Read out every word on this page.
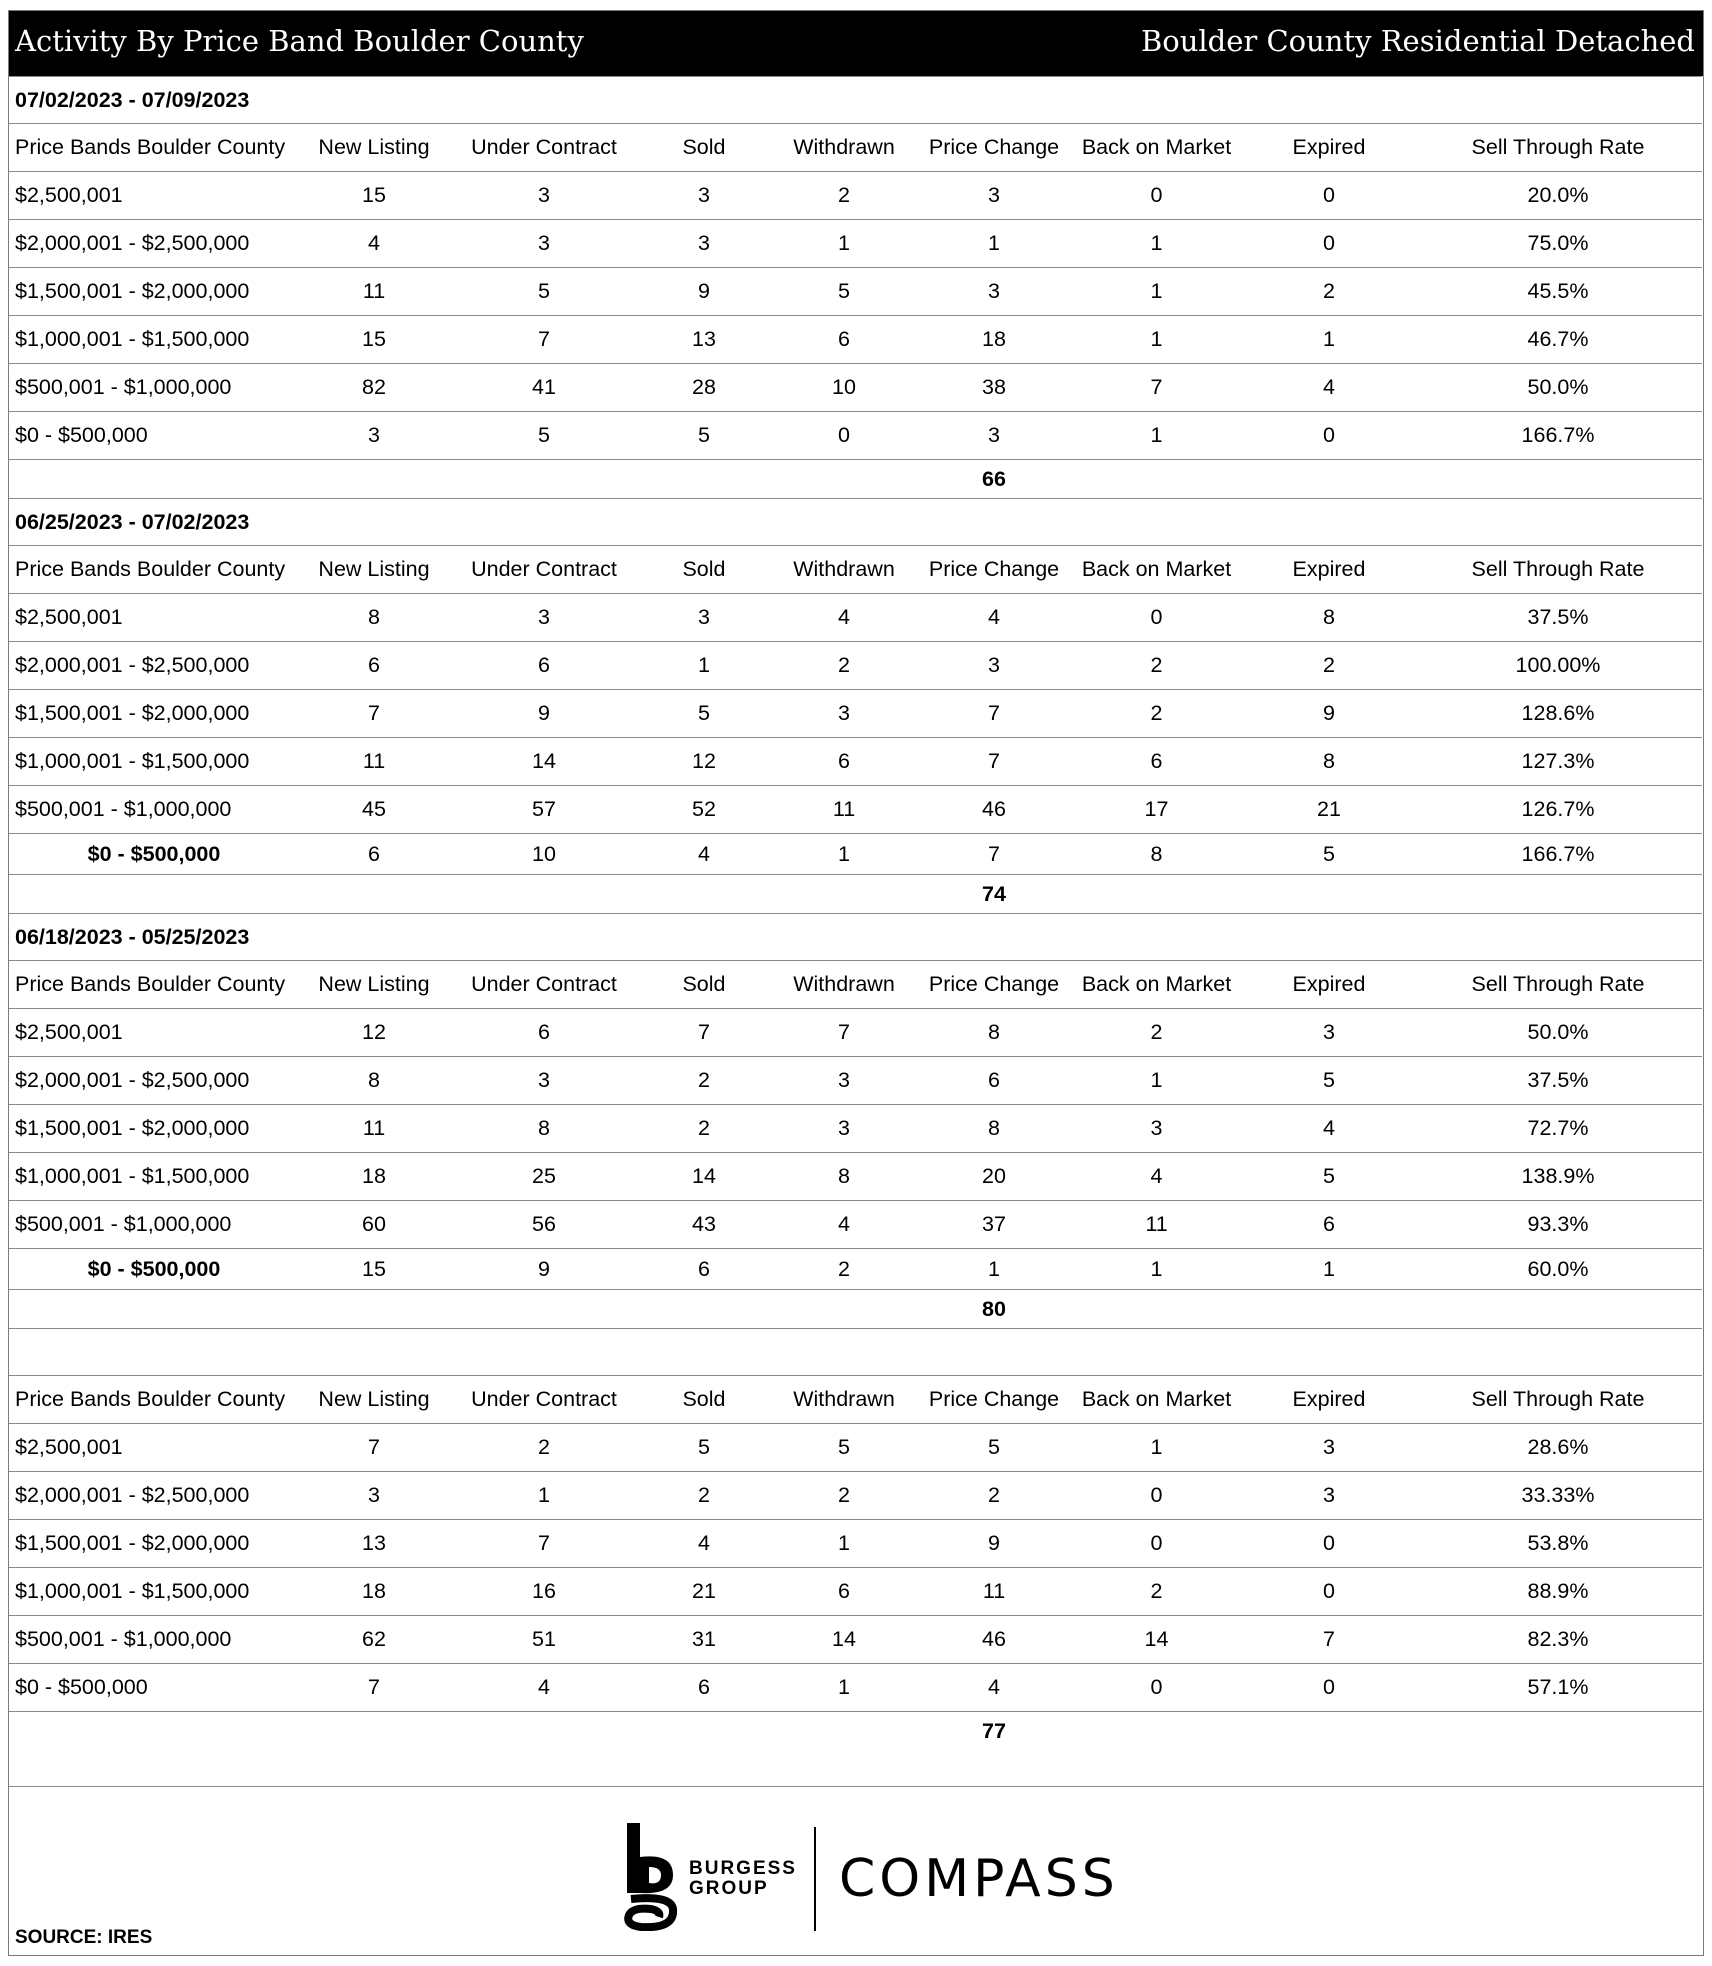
Activity By Price Band Boulder County	Boulder County Residential Detached
07/02/2023 - 07/09/2023								
Price Bands Boulder County	New Listing	Under Contract	Sold	Withdrawn	Price Change	Back on Market	Expired	Sell Through Rate
$2,500,001	15	3	3	2	3	0	0	20.0%
$2,000,001 - $2,500,000	4	3	3	1	1	1	0	75.0%
$1,500,001 - $2,000,000	11	5	9	5	3	1	2	45.5%
$1,000,001 - $1,500,000	15	7	13	6	18	1	1	46.7%
$500,001 - $1,000,000	82	41	28	10	38	7	4	50.0%
$0 - $500,000	3	5	5	0	3	1	0	166.7%
					66			
06/25/2023 - 07/02/2023								
Price Bands Boulder County	New Listing	Under Contract	Sold	Withdrawn	Price Change	Back on Market	Expired	Sell Through Rate
$2,500,001	8	3	3	4	4	0	8	37.5%
$2,000,001 - $2,500,000	6	6	1	2	3	2	2	100.00%
$1,500,001 - $2,000,000	7	9	5	3	7	2	9	128.6%
$1,000,001 - $1,500,000	11	14	12	6	7	6	8	127.3%
$500,001 - $1,000,000	45	57	52	11	46	17	21	126.7%
$0 - $500,000	6	10	4	1	7	8	5	166.7%
					74			
06/18/2023 - 05/25/2023								
Price Bands Boulder County	New Listing	Under Contract	Sold	Withdrawn	Price Change	Back on Market	Expired	Sell Through Rate
$2,500,001	12	6	7	7	8	2	3	50.0%
$2,000,001 - $2,500,000	8	3	2	3	6	1	5	37.5%
$1,500,001 - $2,000,000	11	8	2	3	8	3	4	72.7%
$1,000,001 - $1,500,000	18	25	14	8	20	4	5	138.9%
$500,001 - $1,000,000	60	56	43	4	37	11	6	93.3%
$0 - $500,000	15	9	6	2	1	1	1	60.0%
					80			

Price Bands Boulder County	New Listing	Under Contract	Sold	Withdrawn	Price Change	Back on Market	Expired	Sell Through Rate
$2,500,001	7	2	5	5	5	1	3	28.6%
$2,000,001 - $2,500,000	3	1	2	2	2	0	3	33.33%
$1,500,001 - $2,000,000	13	7	4	1	9	0	0	53.8%
$1,000,001 - $1,500,000	18	16	21	6	11	2	0	88.9%
$500,001 - $1,000,000	62	51	31	14	46	14	7	82.3%
$0 - $500,000	7	4	6	1	4	0	0	57.1%
					77			
BURGESS
GROUP	COMPASS
SOURCE: IRES
